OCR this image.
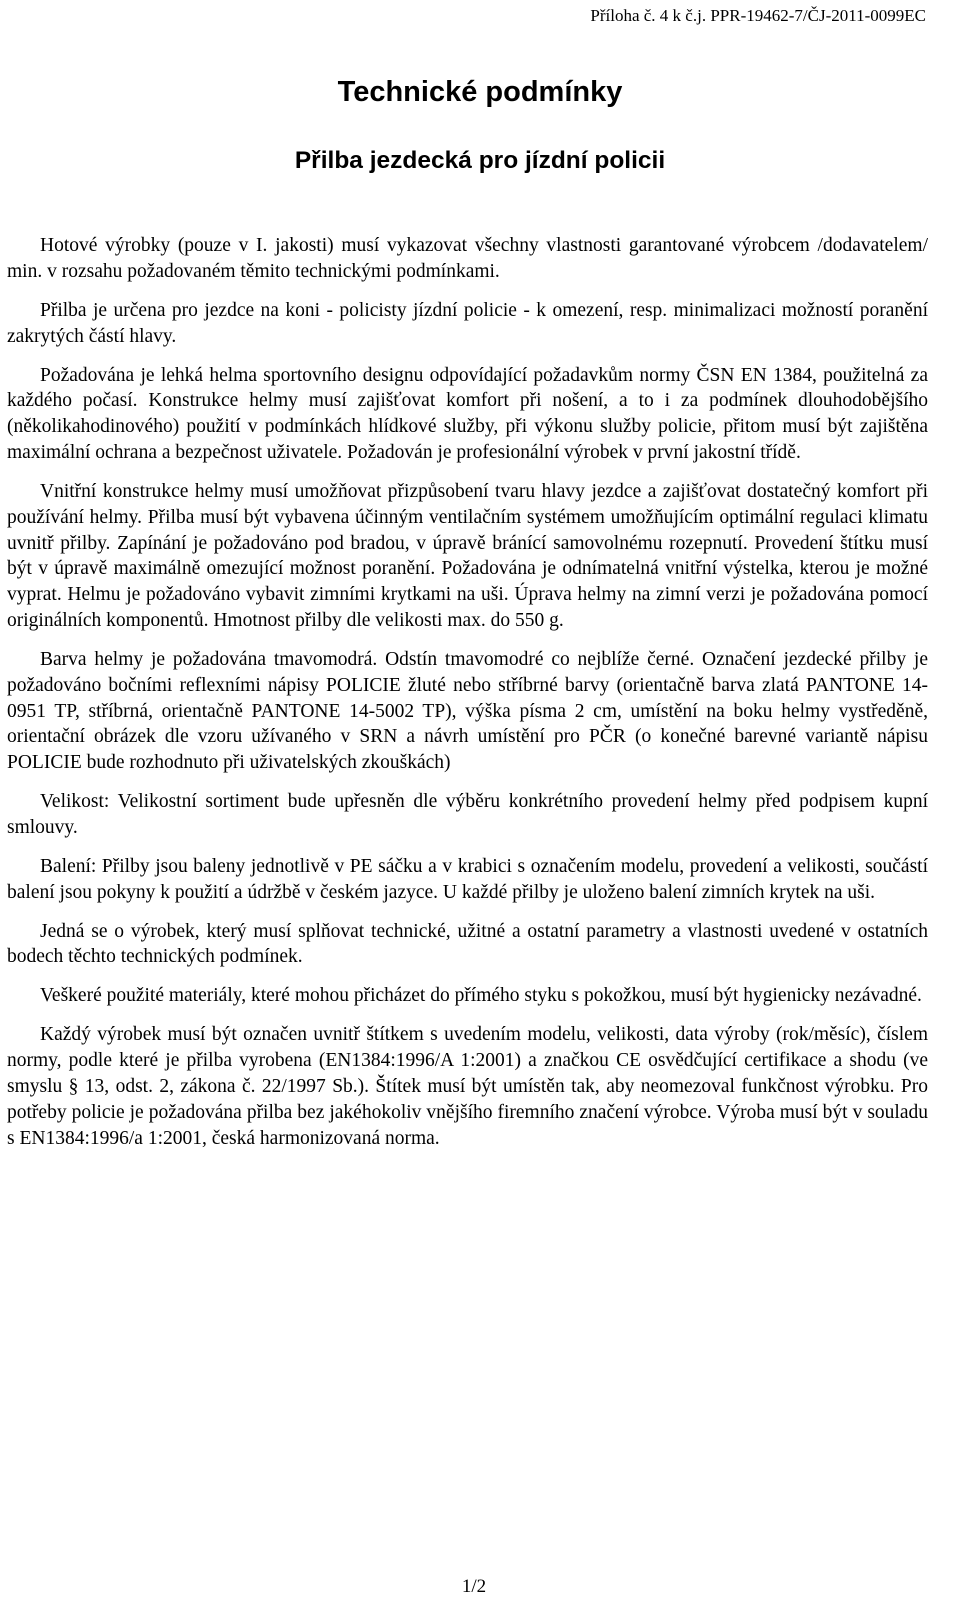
Příloha č. 4 k č.j. PPR-19462-7/ČJ-2011-0099EC
Technické podmínky
Přilba jezdecká pro jízdní policii

Hotové výrobky (pouze v I. jakosti) musí vykazovat všechny vlastnosti garantované výrobcem /dodavatelem/ min. v rozsahu požadovaném těmito technickými podmínkami.

Přilba je určena pro jezdce na koni - policisty jízdní policie - k omezení, resp. minimalizaci možností poranění zakrytých částí hlavy.

Požadována je lehká helma sportovního designu odpovídající požadavkům normy ČSN EN 1384, použitelná za každého počasí. Konstrukce helmy musí zajišťovat komfort při nošení, a to i za podmínek dlouhodobějšího (několikahodinového) použití v podmínkách hlídkové služby, při výkonu služby policie, přitom musí být zajištěna maximální ochrana a bezpečnost uživatele. Požadován je profesionální výrobek v první jakostní třídě.

Vnitřní konstrukce helmy musí umožňovat přizpůsobení tvaru hlavy jezdce a zajišťovat dostatečný komfort při používání helmy. Přilba musí být vybavena účinným ventilačním systémem umožňujícím optimální regulaci klimatu uvnitř přilby. Zapínání je požadováno pod bradou, v úpravě bránící samovolnému rozepnutí. Provedení štítku musí být v úpravě maximálně omezující možnost poranění. Požadována je odnímatelná vnitřní výstelka, kterou je možné vyprat. Helmu je požadováno vybavit zimními krytkami na uši. Úprava helmy na zimní verzi je požadována pomocí originálních komponentů. Hmotnost přilby dle velikosti max. do 550 g.

Barva helmy je požadována tmavomodrá. Odstín tmavomodré co nejblíže černé. Označení jezdecké přilby je požadováno bočními reflexními nápisy POLICIE žluté nebo stříbrné barvy (orientačně barva zlatá PANTONE 14-0951 TP, stříbrná, orientačně PANTONE 14-5002 TP), výška písma 2 cm, umístění na boku helmy vystředěně, orientační obrázek dle vzoru užívaného v SRN a návrh umístění pro PČR (o konečné barevné variantě nápisu POLICIE bude rozhodnuto při uživatelských zkouškách)

Velikost: Velikostní sortiment bude upřesněn dle výběru konkrétního provedení helmy před podpisem kupní smlouvy.

Balení: Přilby jsou baleny jednotlivě v PE sáčku a v krabici s označením modelu, provedení a velikosti, součástí balení jsou pokyny k použití a údržbě v českém jazyce. U každé přilby je uloženo balení zimních krytek na uši.

Jedná se o výrobek, který musí splňovat technické, užitné a ostatní parametry a vlastnosti uvedené v ostatních bodech těchto technických podmínek.

Veškeré použité materiály, které mohou přicházet do přímého styku s pokožkou, musí být hygienicky nezávadné.

Každý výrobek musí být označen uvnitř štítkem s uvedením modelu, velikosti, data výroby (rok/měsíc), číslem normy, podle které je přilba vyrobena (EN1384:1996/A 1:2001) a značkou CE osvědčující certifikace a shodu (ve smyslu § 13, odst. 2, zákona č. 22/1997 Sb.). Štítek musí být umístěn tak, aby neomezoval funkčnost výrobku. Pro potřeby policie je požadována přilba bez jakéhokoliv vnějšího firemního značení výrobce. Výroba musí být v souladu s EN1384:1996/a 1:2001, česká harmonizovaná norma.

1/2
